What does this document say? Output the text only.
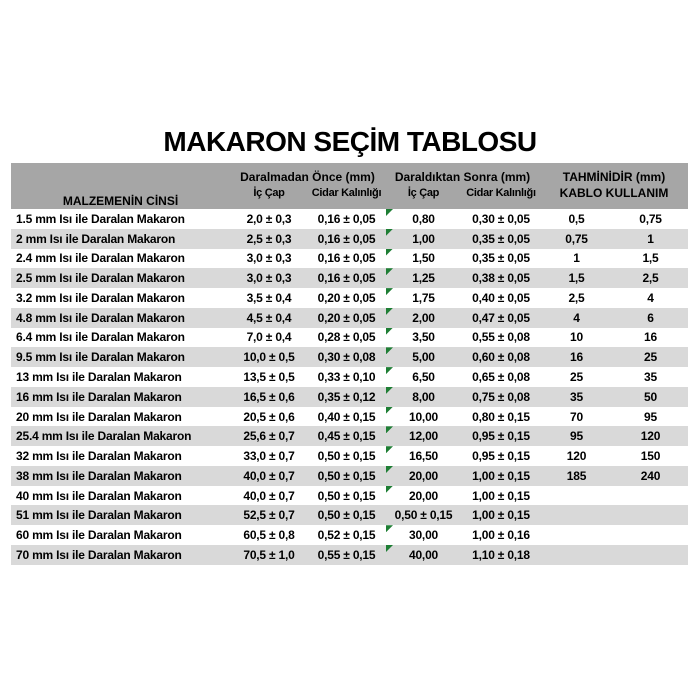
MAKARON SEÇİM TABLOSU
MALZEMENİN CİNSİ	Daralmadan Önce (mm)		Daraldıktan Sonra (mm)		TAHMİNİDİR (mm)	
	İç Çap	Cidar Kalınlığı	İç Çap	Cidar Kalınlığı	KABLO KULLANIM	
1.5 mm Isı ile Daralan Makaron	2,0 ± 0,3	0,16 ± 0,05	0,80	0,30 ± 0,05	0,5	0,75
2 mm Isı ile Daralan Makaron	2,5 ± 0,3	0,16 ± 0,05	1,00	0,35 ± 0,05	0,75	1
2.4 mm Isı ile Daralan Makaron	3,0 ± 0,3	0,16 ± 0,05	1,50	0,35 ± 0,05	1	1,5
2.5 mm Isı ile Daralan Makaron	3,0 ± 0,3	0,16 ± 0,05	1,25	0,38 ± 0,05	1,5	2,5
3.2 mm Isı ile Daralan Makaron	3,5 ± 0,4	0,20 ± 0,05	1,75	0,40 ± 0,05	2,5	4
4.8 mm Isı ile Daralan Makaron	4,5 ± 0,4	0,20 ± 0,05	2,00	0,47 ± 0,05	4	6
6.4 mm Isı ile Daralan Makaron	7,0 ± 0,4	0,28 ± 0,05	3,50	0,55 ± 0,08	10	16
9.5 mm Isı ile Daralan Makaron	10,0 ± 0,5	0,30 ± 0,08	5,00	0,60 ± 0,08	16	25
13 mm Isı ile Daralan Makaron	13,5 ± 0,5	0,33 ± 0,10	6,50	0,65 ± 0,08	25	35
16 mm Isı ile Daralan Makaron	16,5 ± 0,6	0,35 ± 0,12	8,00	0,75 ± 0,08	35	50
20 mm Isı ile Daralan Makaron	20,5 ± 0,6	0,40 ± 0,15	10,00	0,80 ± 0,15	70	95
25.4 mm Isı ile Daralan Makaron	25,6 ± 0,7	0,45 ± 0,15	12,00	0,95 ± 0,15	95	120
32 mm Isı ile Daralan Makaron	33,0 ± 0,7	0,50 ± 0,15	16,50	0,95 ± 0,15	120	150
38 mm Isı ile Daralan Makaron	40,0 ± 0,7	0,50 ± 0,15	20,00	1,00 ± 0,15	185	240
40 mm Isı ile Daralan Makaron	40,0 ± 0,7	0,50 ± 0,15	20,00	1,00 ± 0,15		
51 mm Isı ile Daralan Makaron	52,5 ± 0,7	0,50 ± 0,15	0,50 ± 0,15	1,00 ± 0,15		
60 mm Isı ile Daralan Makaron	60,5 ± 0,8	0,52 ± 0,15	30,00	1,00 ± 0,16		
70 mm Isı ile Daralan Makaron	70,5 ± 1,0	0,55 ± 0,15	40,00	1,10 ± 0,18		
